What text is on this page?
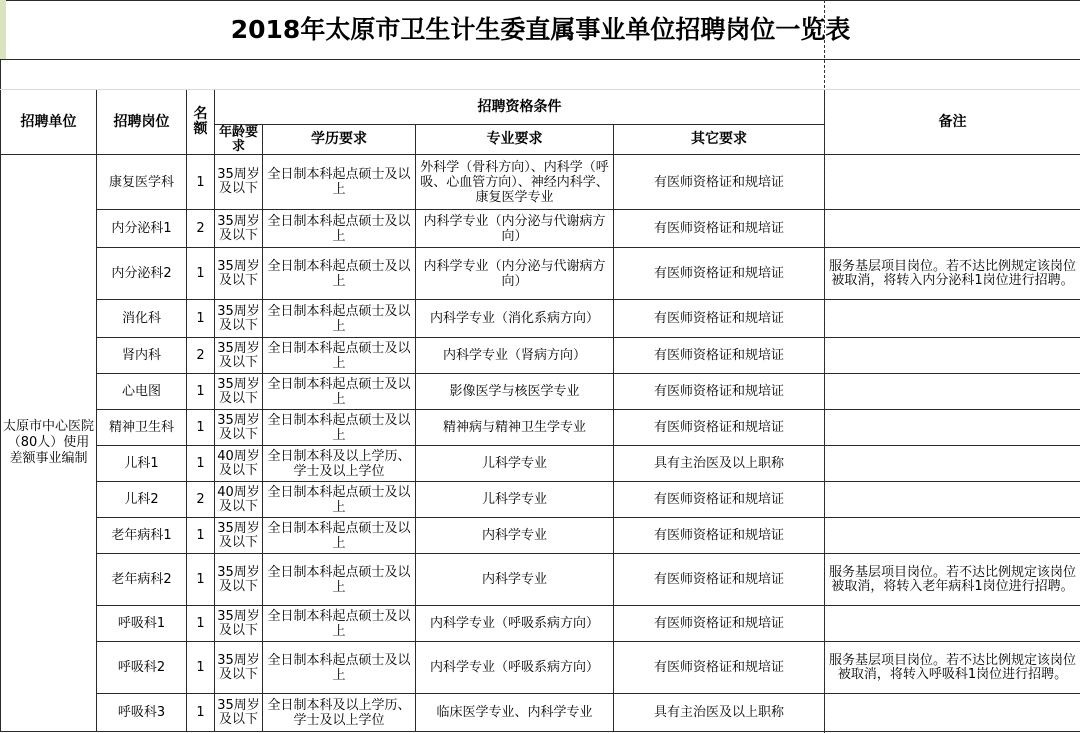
2018年太原市卫生计生委直属事业单位招聘岗位一览表							

招聘单位	招聘岗位	名额	招聘资格条件				备注
			年龄要求	学历要求	专业要求	其它要求	
太原市中心医院（80人）使用差额事业编制	康复医学科	1	35周岁及以下	全日制本科起点硕士及以上	外科学（骨科方向）、内科学（呼吸、心血管方向）、神经内科学、康复医学专业	有医师资格证和规培证	
	内分泌科1	2	35周岁及以下	全日制本科起点硕士及以上	内科学专业（内分泌与代谢病方向）	有医师资格证和规培证	
	内分泌科2	1	35周岁及以下	全日制本科起点硕士及以上	内科学专业（内分泌与代谢病方向）	有医师资格证和规培证	服务基层项目岗位。若不达比例规定该岗位被取消，将转入内分泌科1岗位进行招聘。
	消化科	1	35周岁及以下	全日制本科起点硕士及以上	内科学专业（消化系病方向）	有医师资格证和规培证	
	肾内科	2	35周岁及以下	全日制本科起点硕士及以上	内科学专业（肾病方向）	有医师资格证和规培证	
	心电图	1	35周岁及以下	全日制本科起点硕士及以上	影像医学与核医学专业	有医师资格证和规培证	
	精神卫生科	1	35周岁及以下	全日制本科起点硕士及以上	精神病与精神卫生学专业	有医师资格证和规培证	
	儿科1	1	40周岁及以下	全日制本科及以上学历、学士及以上学位	儿科学专业	具有主治医及以上职称	
	儿科2	2	40周岁及以下	全日制本科起点硕士及以上	儿科学专业	有医师资格证和规培证	
	老年病科1	1	35周岁及以下	全日制本科起点硕士及以上	内科学专业	有医师资格证和规培证	
	老年病科2	1	35周岁及以下	全日制本科起点硕士及以上	内科学专业	有医师资格证和规培证	服务基层项目岗位。若不达比例规定该岗位被取消，将转入老年病科1岗位进行招聘。
	呼吸科1	1	35周岁及以下	全日制本科起点硕士及以上	内科学专业（呼吸系病方向）	有医师资格证和规培证	
	呼吸科2	1	35周岁及以下	全日制本科起点硕士及以上	内科学专业（呼吸系病方向）	有医师资格证和规培证	服务基层项目岗位。若不达比例规定该岗位被取消，将转入呼吸科1岗位进行招聘。
	呼吸科3	1	35周岁及以下	全日制本科及以上学历、学士及以上学位	临床医学专业、内科学专业	具有主治医及以上职称	
